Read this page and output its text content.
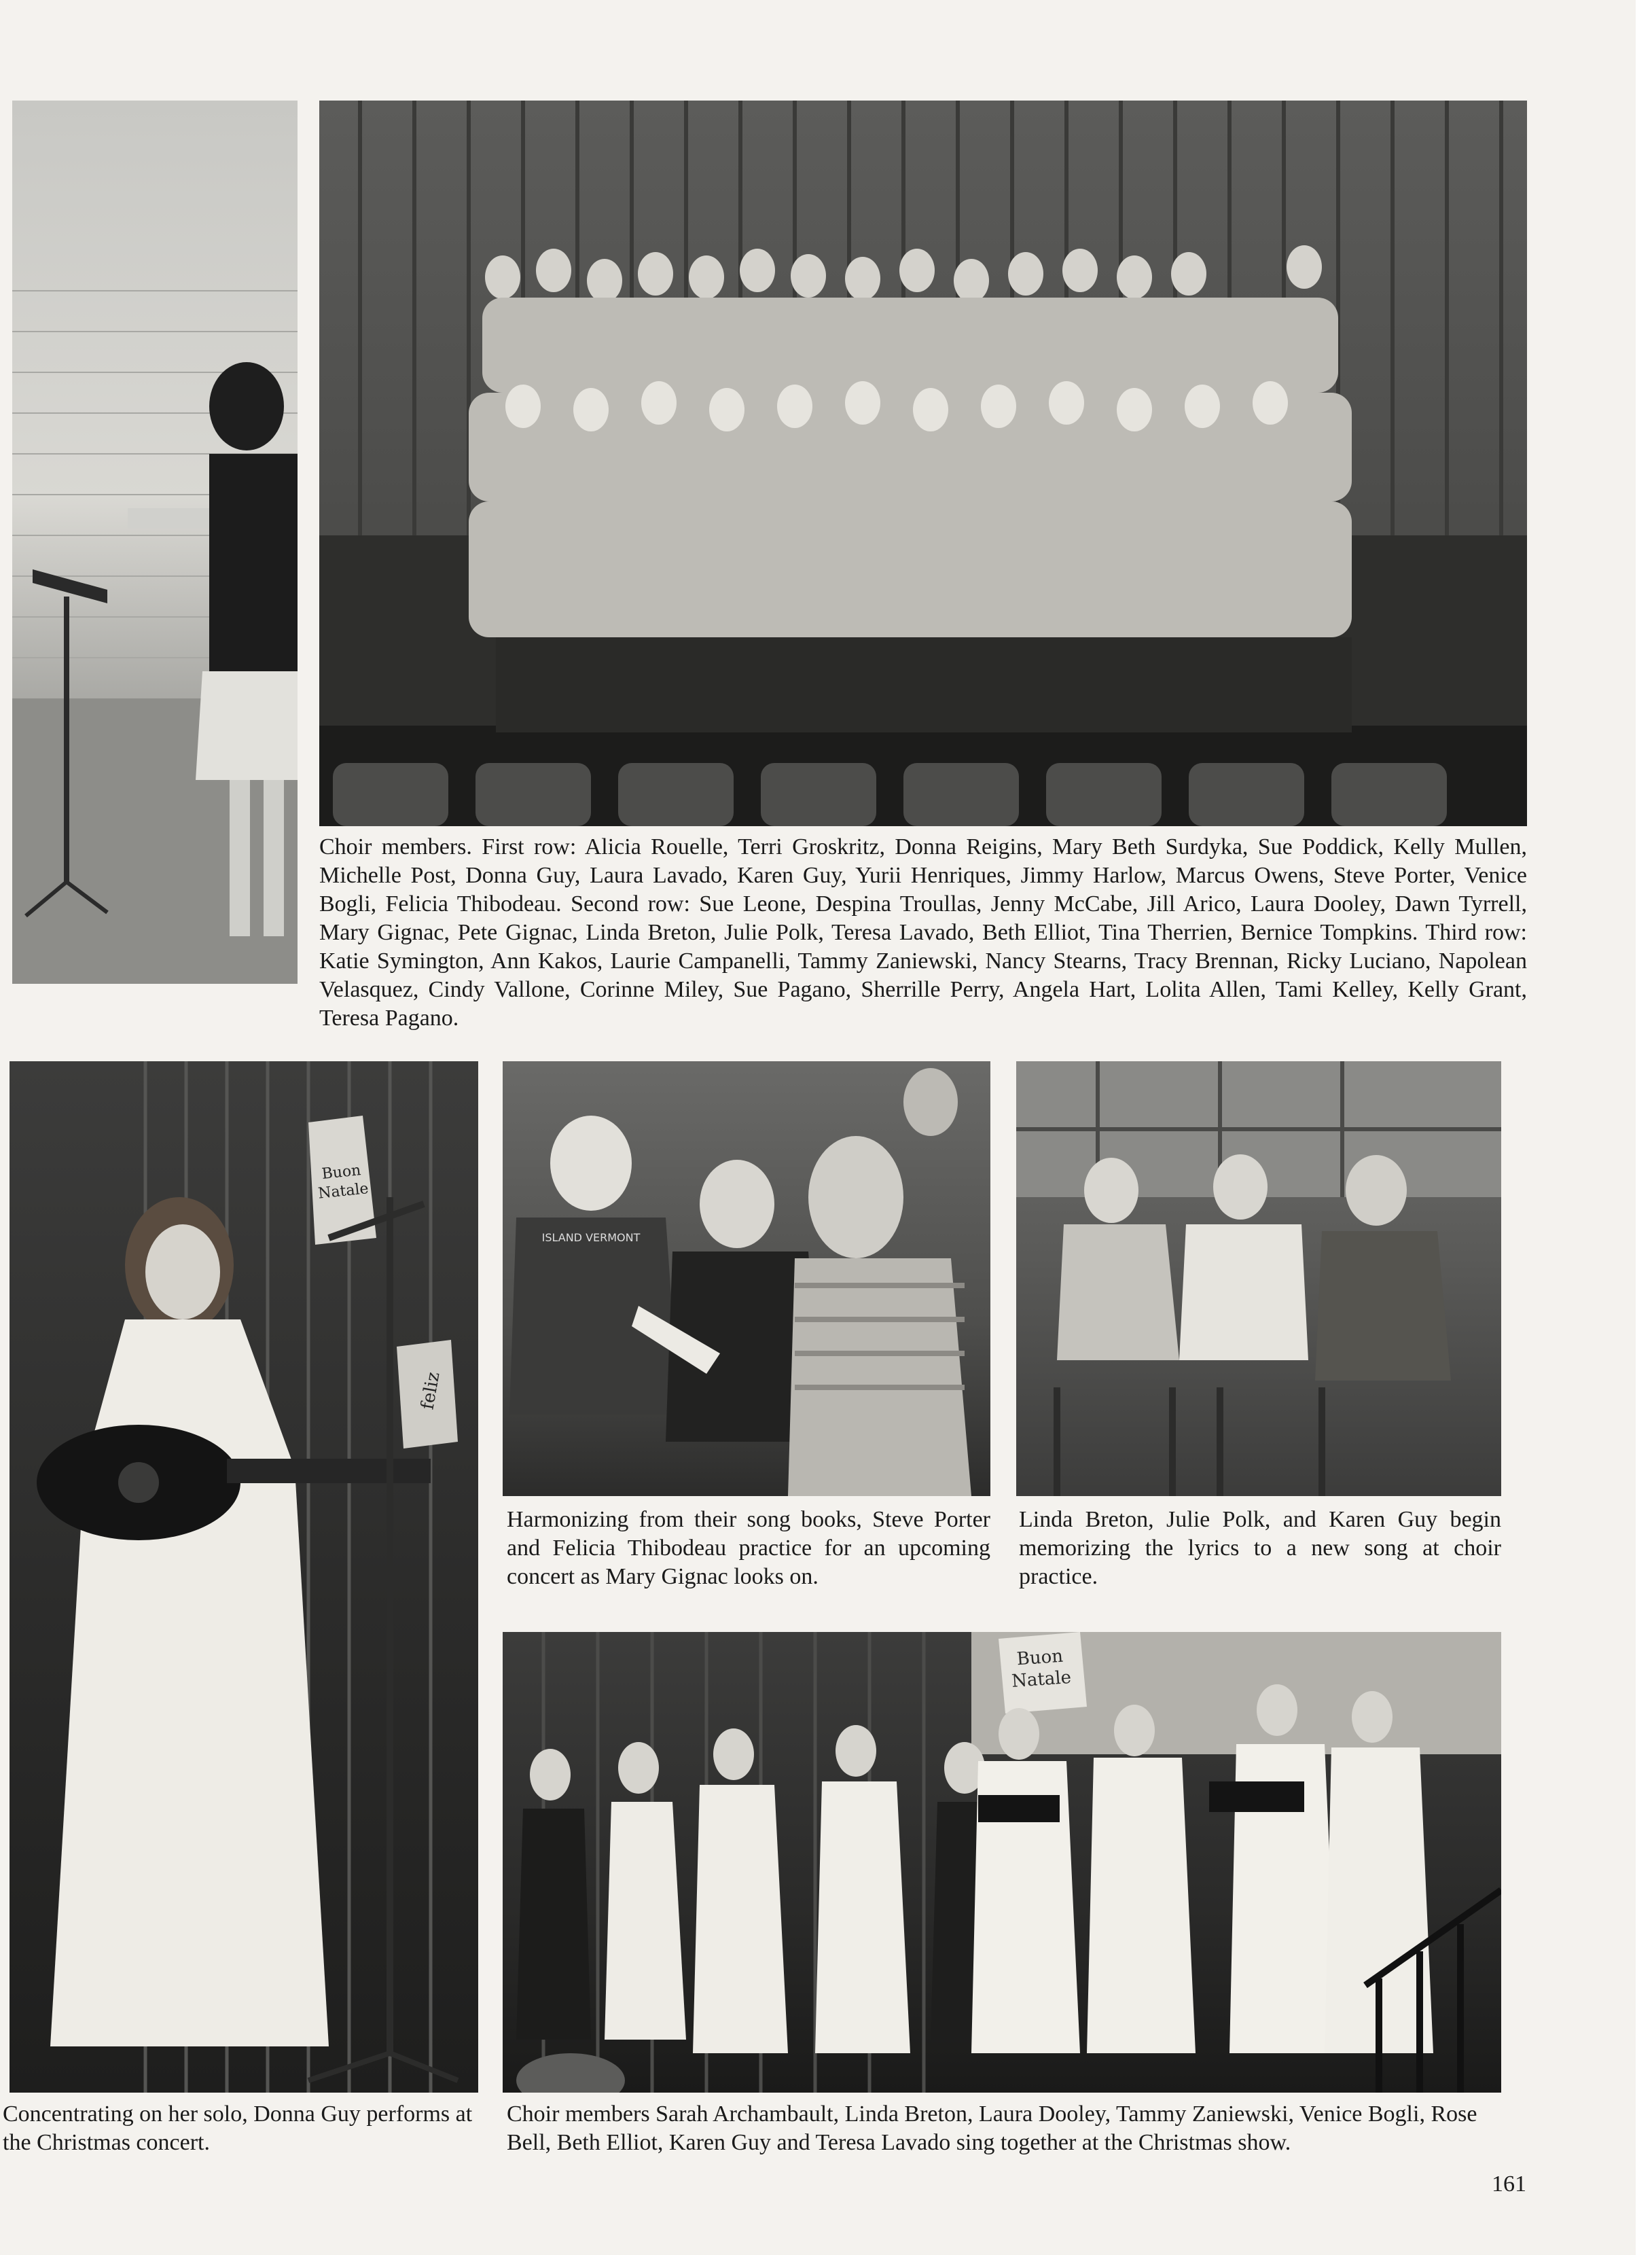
Choir members. First row: Alicia Rouelle, Terri Groskritz, Donna Reigins, Mary Beth Surdyka, Sue Poddick, Kelly Mullen, Michelle Post, Donna Guy, Laura Lavado, Karen Guy, Yurii Henriques, Jimmy Harlow, Marcus Owens, Steve Porter, Venice Bogli, Felicia Thibodeau. Second row: Sue Leone, Despina Troullas, Jenny McCabe, Jill Arico, Laura Dooley, Dawn Tyrrell, Mary Gignac, Pete Gignac, Linda Breton, Julie Polk, Teresa Lavado, Beth Elliot, Tina Therrien, Bernice Tompkins. Third row: Katie Symington, Ann Kakos, Laurie Campanelli, Tammy Zaniewski, Nancy Stearns, Tracy Brennan, Ricky Luciano, Napolean Velasquez, Cindy Vallone, Corinne Miley, Sue Pagano, Sherrille Perry, Angela Hart, Lolita Allen, Tami Kelley, Kelly Grant, Teresa Pagano.

Buon Natale
feliz

Concentrating on her solo, Donna Guy performs at the Christmas concert.

ISLAND VERMONT

Harmonizing from their song books, Steve Porter and Felicia Thibodeau practice for an upcoming concert as Mary Gignac looks on.

Linda Breton, Julie Polk, and Karen Guy begin memorizing the lyrics to a new song at choir practice.

Buon Natale

Choir members Sarah Archambault, Linda Breton, Laura Dooley, Tammy Zaniewski, Venice Bogli, Rose Bell, Beth Elliot, Karen Guy and Teresa Lavado sing together at the Christmas show.

161
